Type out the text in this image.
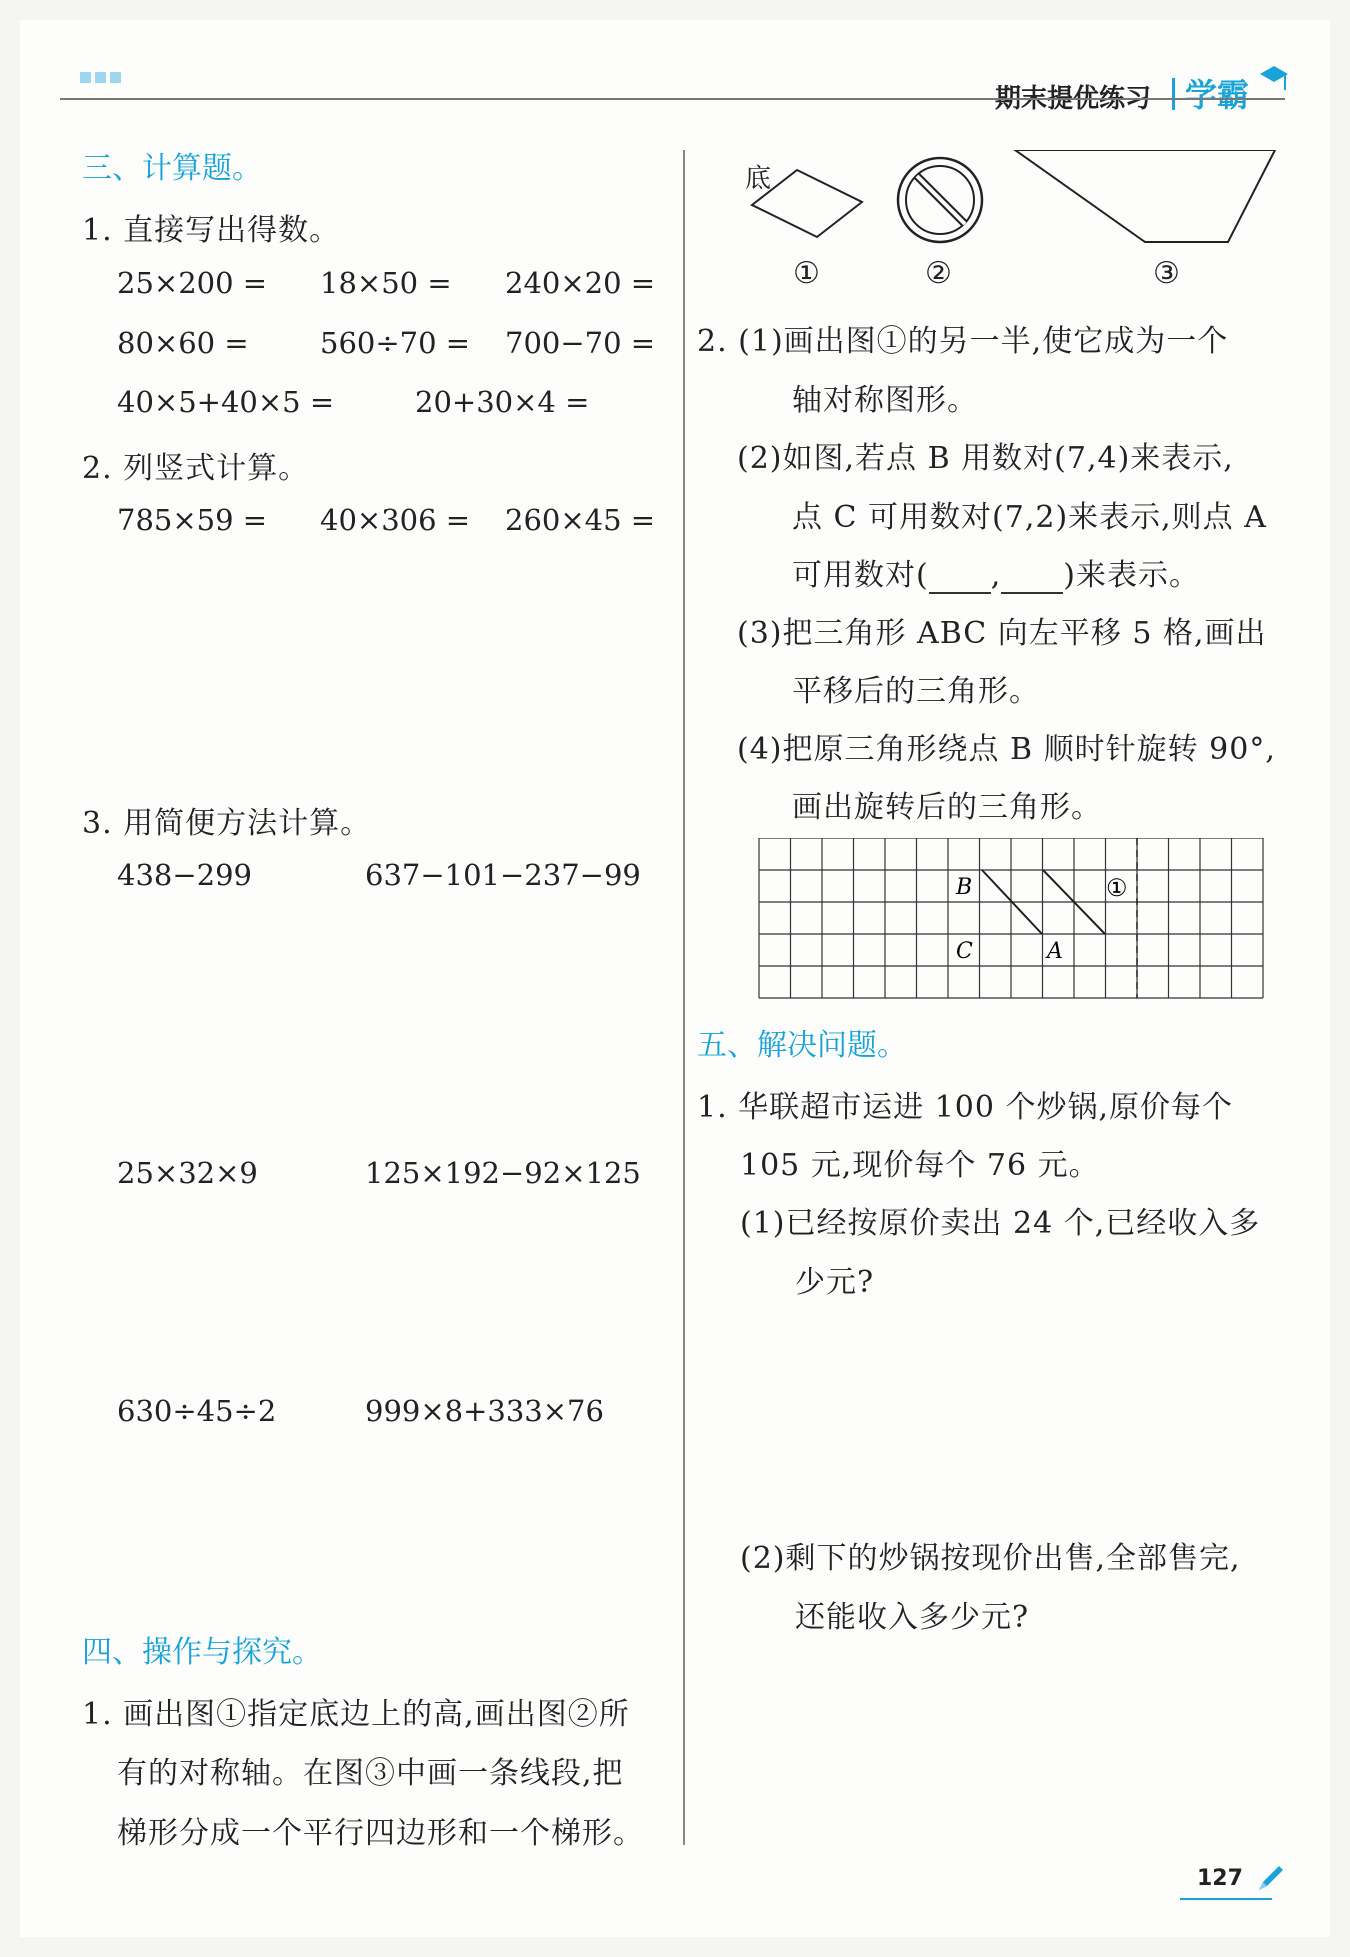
期末提优练习 学霸
三、计算题。
1. 直接写出得数。
25×200 = 18×50 = 240×20 =
80×60 = 560÷70 = 700−70 =
40×5+40×5 =	20+30×4 =
2. 列竖式计算。
785×59 = 40×306 = 260×45 =
3. 用简便方法计算。
438−299	637−101−237−99
25×32×9	125×192−92×125
630÷45÷2	999×8+333×76
四、操作与探究。
1. 画出图①指定底边上的高,画出图②所
有的对称轴。在图③中画一条线段,把
梯形分成一个平行四边形和一个梯形。
底
①	②	③
2. (1)画出图①的另一半,使它成为一个
轴对称图形。
(2)如图,若点 B 用数对(7,4)来表示,
点 C 可用数对(7,2)来表示,则点 A
可用数对( , )来表示。
(3)把三角形 ABC 向左平移 5 格,画出
平移后的三角形。
(4)把原三角形绕点 B 顺时针旋转 90°,
画出旋转后的三角形。
B
C	A
①
五、解决问题。
1. 华联超市运进 100 个炒锅,原价每个
105 元,现价每个 76 元。
(1)已经按原价卖出 24 个,已经收入多
少元?
(2)剩下的炒锅按现价出售,全部售完,
还能收入多少元?
127
